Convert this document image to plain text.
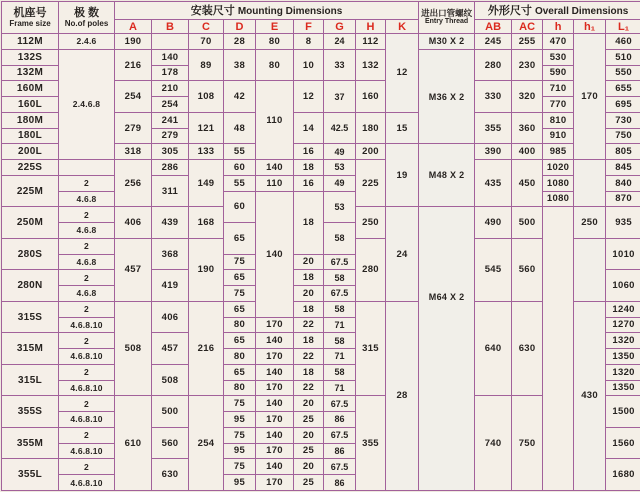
机座号
Frame size

极 数
No.of poles
	安装尺寸 Mounting Dimensions	进出口管螺纹
Entry Thread
	外形尺寸 Overall Dimensions
		A	B	C	D	E	F	G	H	K		AB	AC	h	h₁	L₁
112M	2.4.6	190		70	28	80	8	24	112	12	M30 X 2	245	255	470	170	460
132S	2.4.6.8	216	140	89	38	80	10	33	132		M36 X 2	280	230	530		510
132M			178											590		550
160M		254	210	108	42	110	12	37	160			330	320	710		655
160L			254											770		695
180M		279	241	121	48		14	42.5	180	15		355	360	810		730
180L			279											910		750
200L		318	305	133	55		16	49	200	19	M48 X 2	390	400	985		805
225S		256	286	149	60	140	18	53	225			435	450	1020		845
225M	2		311		55	110	16	49						1080		840
	4.6.8				60	140	18	53						1080		870
250M	2	406	439	168					250	24	M64 X 2	490	500		250	935
	4.6.8				65			58								
280S	2	457	368	190					280			545	560			1010
	4.6.8				75		20	67.5								
280N	2		419		65		18	58								1060
	4.6.8				75		20	67.5								
315S	2	508	406	216	65		18	58	315	28		640	630		430	1240
	4.6.8.10				80	170	22	71								1270
315M	2		457		65	140	18	58								1320
	4.6.8.10				80	170	22	71								1350
315L	2		508		65	140	18	58								1320
	4.6.8.10				80	170	22	71								1350
355S	2	610	500	254	75	140	20	67.5	355			740	750			1500
	4.6.8.10				95	170	25	86								
355M	2		560		75	140	20	67.5								1560
	4.6.8.10				95	170	25	86								
355L	2		630		75	140	20	67.5								1680
	4.6.8.10				95	170	25	86								
